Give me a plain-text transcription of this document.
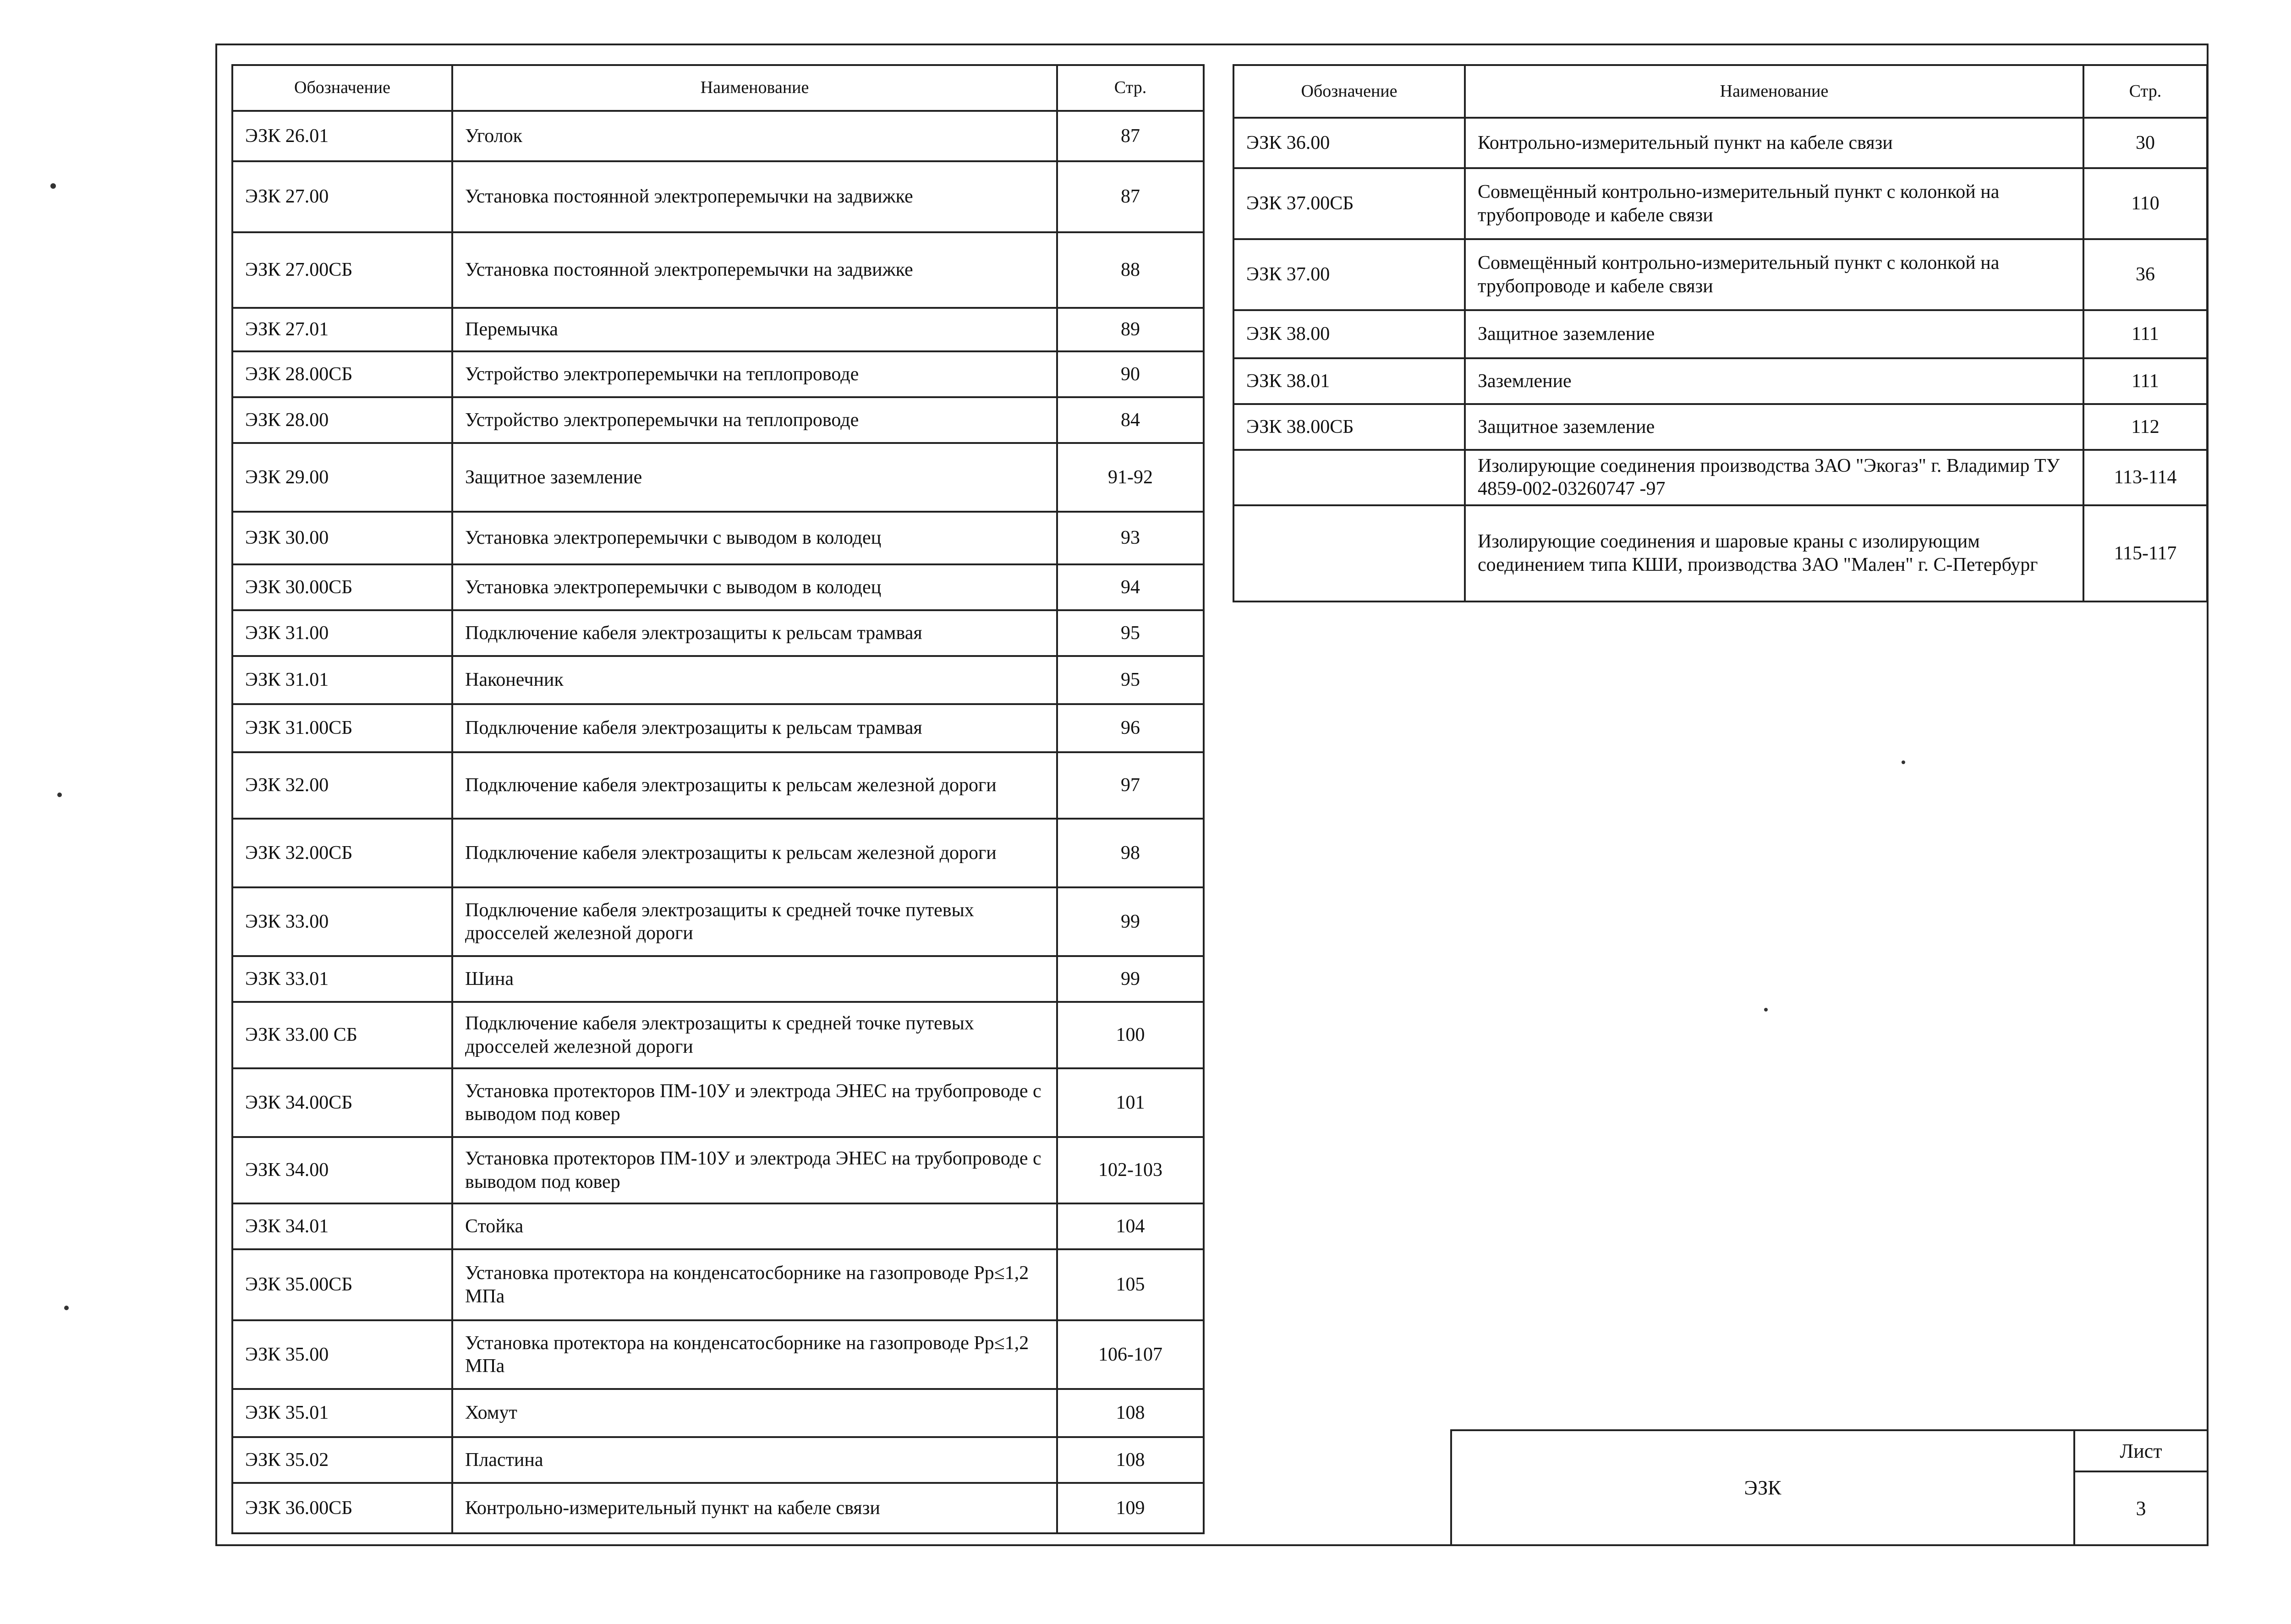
Обозначение	Наименование	Стр.
ЭЗК 26.01	Уголок	87
ЭЗК 27.00	Установка постоянной электроперемычки на задвижке	87
ЭЗК 27.00СБ	Установка постоянной электроперемычки на задвижке	88
ЭЗК 27.01	Перемычка	89
ЭЗК 28.00СБ	Устройство электроперемычки на теплопроводе	90
ЭЗК 28.00	Устройство электроперемычки на теплопроводе	84
ЭЗК 29.00	Защитное заземление	91-92
ЭЗК 30.00	Установка электроперемычки с выводом в колодец	93
ЭЗК 30.00СБ	Установка электроперемычки с выводом в колодец	94
ЭЗК 31.00	Подключение кабеля электрозащиты к рельсам трамвая	95
ЭЗК 31.01	Наконечник	95
ЭЗК 31.00СБ	Подключение кабеля электрозащиты к рельсам трамвая	96
ЭЗК 32.00	Подключение кабеля электрозащиты к рельсам железной дороги	97
ЭЗК 32.00СБ	Подключение кабеля электрозащиты к рельсам железной дороги	98
ЭЗК 33.00	Подключение кабеля электрозащиты к средней точке путевых дросселей железной дороги	99
ЭЗК 33.01	Шина	99
ЭЗК 33.00 СБ	Подключение кабеля электрозащиты к средней точке путевых дросселей железной дороги	100
ЭЗК 34.00СБ	Установка протекторов ПМ-10У и электрода ЭНЕС на трубопроводе с выводом под ковер	101
ЭЗК 34.00	Установка протекторов ПМ-10У и электрода ЭНЕС на трубопроводе с выводом под ковер	102-103
ЭЗК 34.01	Стойка	104
ЭЗК 35.00СБ	Установка протектора на конденсатосборнике на газопроводе Рр≤1,2 МПа	105
ЭЗК 35.00	Установка протектора на конденсатосборнике на газопроводе Рр≤1,2 МПа	106-107
ЭЗК 35.01	Хомут	108
ЭЗК 35.02	Пластина	108
ЭЗК 36.00СБ	Контрольно-измерительный пункт на кабеле связи	109
Обозначение	Наименование	Стр.
ЭЗК 36.00	Контрольно-измерительный пункт на кабеле связи	30
ЭЗК 37.00СБ	Совмещённый контрольно-измерительный пункт с колонкой на трубопроводе и кабеле связи	110
ЭЗК 37.00	Совмещённый контрольно-измерительный пункт с колонкой на трубопроводе и кабеле связи	36
ЭЗК 38.00	Защитное заземление	111
ЭЗК 38.01	Заземление	111
ЭЗК 38.00СБ	Защитное заземление	112
	Изолирующие соединения производства ЗАО "Экогаз" г. Владимир ТУ 4859-002-03260747 -97	113-114
	Изолирующие соединения и шаровые краны с изолирующим соединением типа КШИ, производства ЗАО "Мален" г. С-Петербург	115-117
ЭЗК
Лист
3
